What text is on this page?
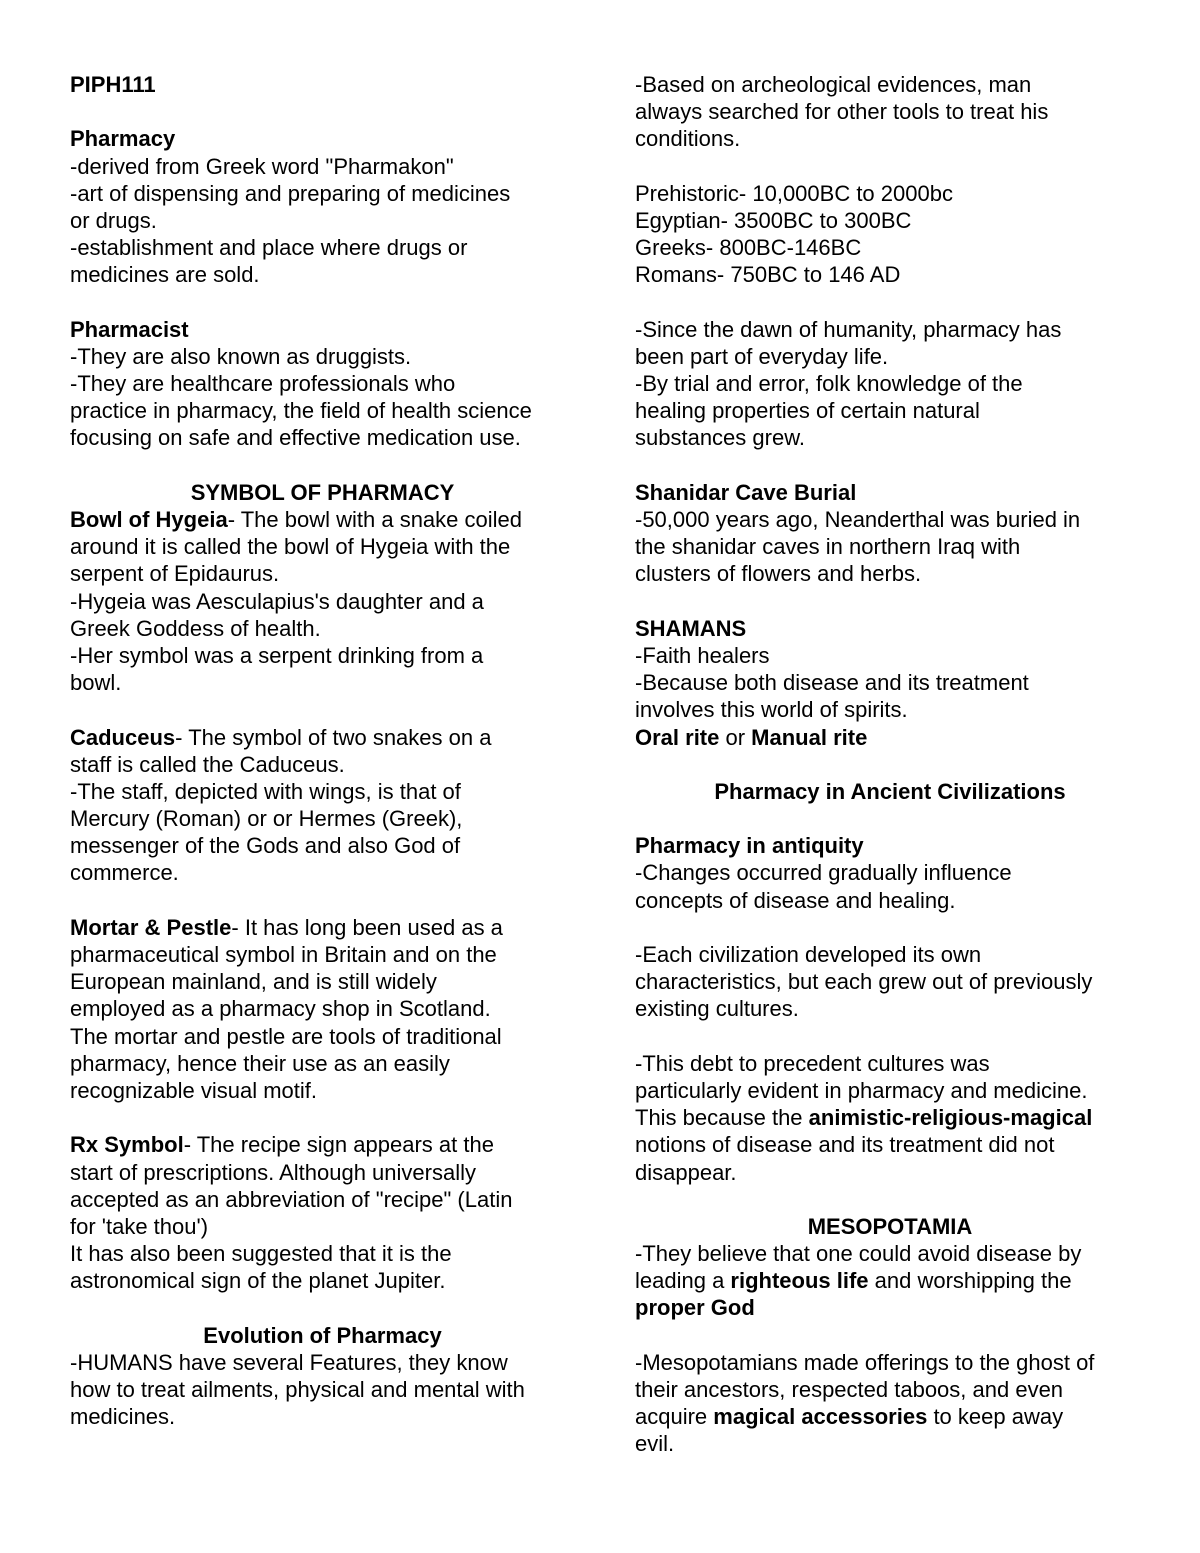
PIPH111
Pharmacy
-derived from Greek word "Pharmakon"
-art of dispensing and preparing of medicines
or drugs.
-establishment and place where drugs or
medicines are sold.
Pharmacist
-They are also known as druggists.
-They are healthcare professionals who
practice in pharmacy, the field of health science
focusing on safe and effective medication use.
SYMBOL OF PHARMACY
Bowl of Hygeia- The bowl with a snake coiled
around it is called the bowl of Hygeia with the
serpent of Epidaurus.
-Hygeia was Aesculapius's daughter and a
Greek Goddess of health.
-Her symbol was a serpent drinking from a
bowl.
Caduceus- The symbol of two snakes on a
staff is called the Caduceus.
-The staff, depicted with wings, is that of
Mercury (Roman) or or Hermes (Greek),
messenger of the Gods and also God of
commerce.
Mortar & Pestle- It has long been used as a
pharmaceutical symbol in Britain and on the
European mainland, and is still widely
employed as a pharmacy shop in Scotland.
The mortar and pestle are tools of traditional
pharmacy, hence their use as an easily
recognizable visual motif.
Rx Symbol- The recipe sign appears at the
start of prescriptions. Although universally
accepted as an abbreviation of "recipe" (Latin
for 'take thou')
It has also been suggested that it is the
astronomical sign of the planet Jupiter.
Evolution of Pharmacy
-HUMANS have several Features, they know
how to treat ailments, physical and mental with
medicines.
-Based on archeological evidences, man
always searched for other tools to treat his
conditions.
Prehistoric- 10,000BC to 2000bc
Egyptian- 3500BC to 300BC
Greeks- 800BC-146BC
Romans- 750BC to 146 AD
-Since the dawn of humanity, pharmacy has
been part of everyday life.
-By trial and error, folk knowledge of the
healing properties of certain natural
substances grew.
Shanidar Cave Burial
-50,000 years ago, Neanderthal was buried in
the shanidar caves in northern Iraq with
clusters of flowers and herbs.
SHAMANS
-Faith healers
-Because both disease and its treatment
involves this world of spirits.
Oral rite or Manual rite
Pharmacy in Ancient Civilizations
Pharmacy in antiquity
-Changes occurred gradually influence
concepts of disease and healing.
-Each civilization developed its own
characteristics, but each grew out of previously
existing cultures.
-This debt to precedent cultures was
particularly evident in pharmacy and medicine.
This because the animistic-religious-magical
notions of disease and its treatment did not
disappear.
MESOPOTAMIA
-They believe that one could avoid disease by
leading a righteous life and worshipping the
proper God
-Mesopotamians made offerings to the ghost of
their ancestors, respected taboos, and even
acquire magical accessories to keep away
evil.
